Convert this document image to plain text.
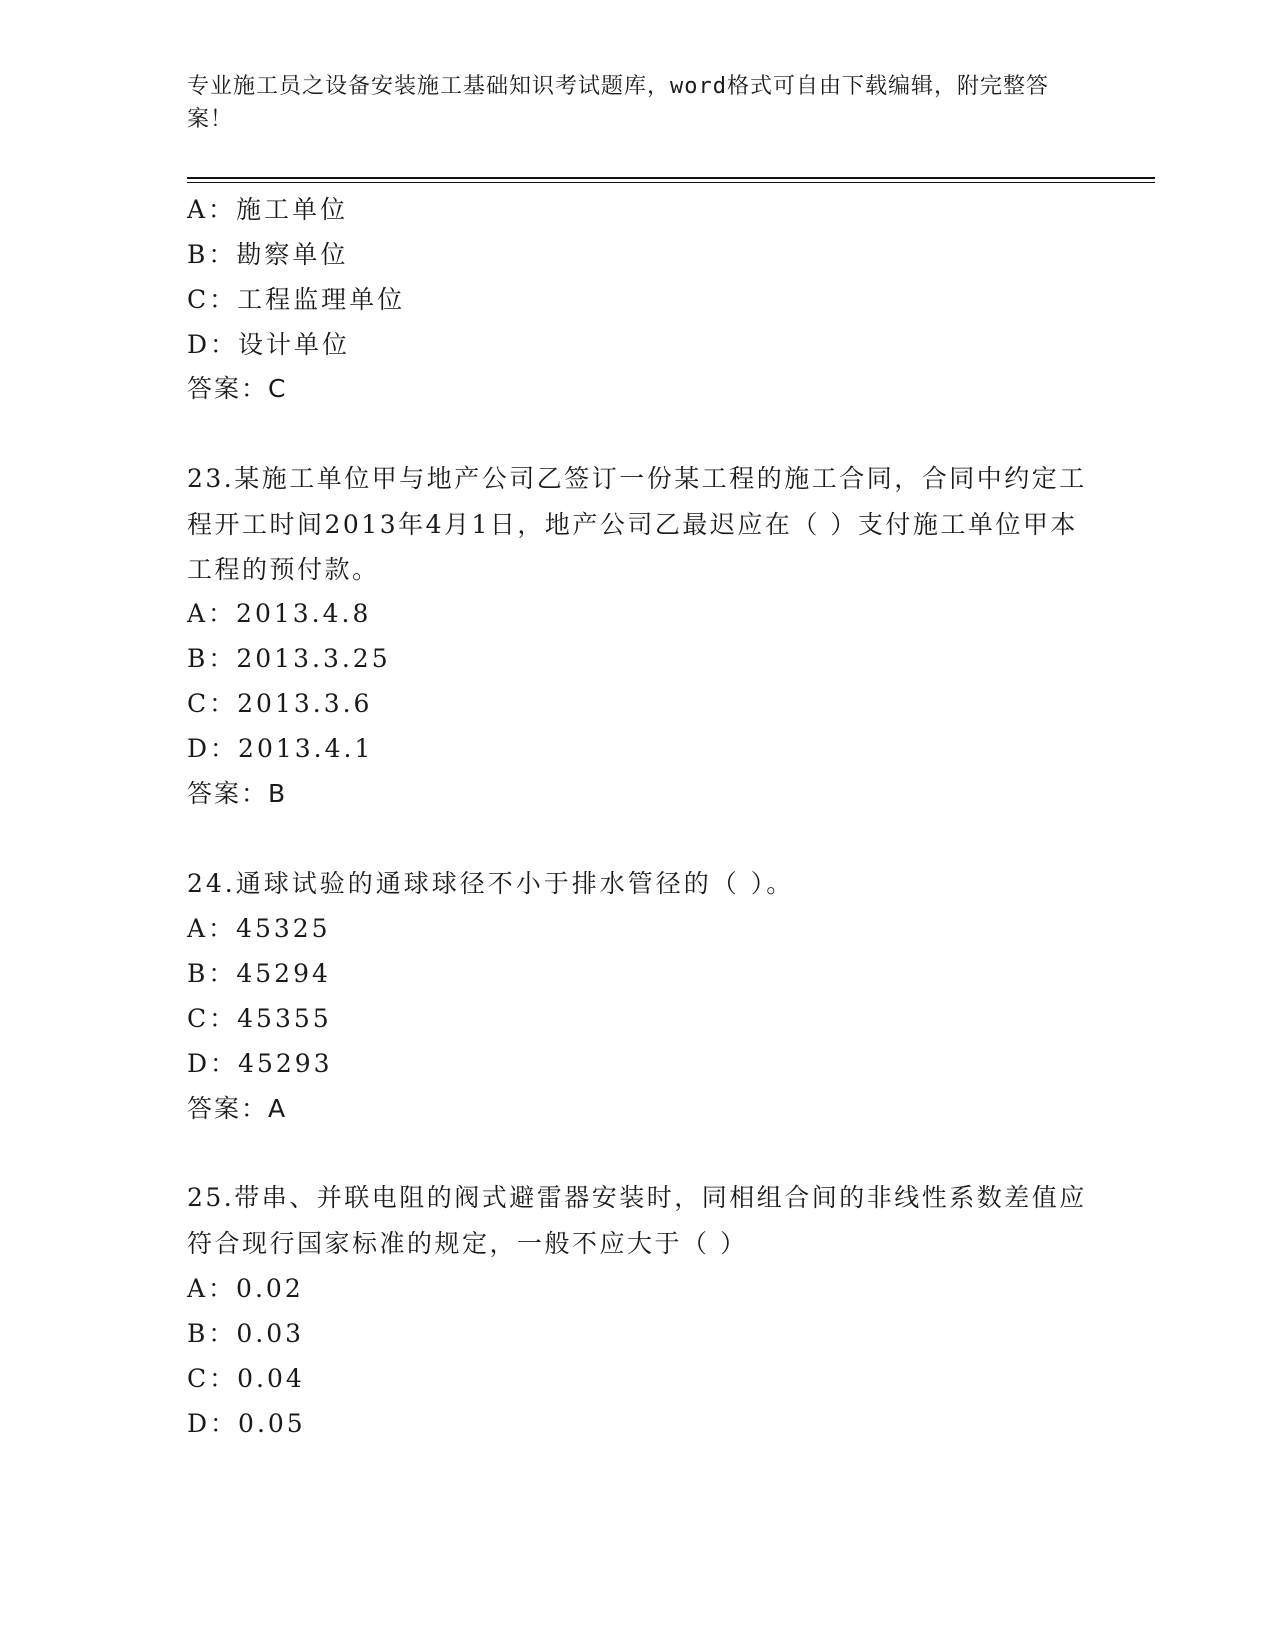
专业施工员之设备安装施工基础知识考试题库，word格式可自由下载编辑，附完整答案！
A：施工单位
B：勘察单位
C：工程监理单位
D：设计单位
答案：C
23.某施工单位甲与地产公司乙签订一份某工程的施工合同，合同中约定工程开工时间2013年4月1日，地产公司乙最迟应在（ ）支付施工单位甲本工程的预付款。
A：2013.4.8
B：2013.3.25
C：2013.3.6
D：2013.4.1
答案：B
24.通球试验的通球球径不小于排水管径的（ ）。
A：45325
B：45294
C：45355
D：45293
答案：A
25.带串、并联电阻的阀式避雷器安装时，同相组合间的非线性系数差值应符合现行国家标准的规定，一般不应大于（ ）
A：0.02
B：0.03
C：0.04
D：0.05
